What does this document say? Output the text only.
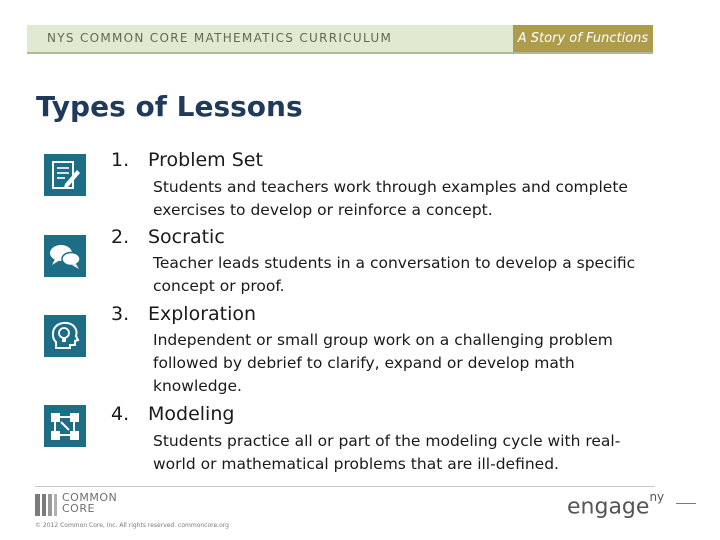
NYS COMMON CORE MATHEMATICS CURRICULUM	A Story of Functions
Types of Lessons
1. Problem Set
Students and teachers work through examples and complete
exercises to develop or reinforce a concept.
2. Socratic
Teacher leads students in a conversation to develop a specific
concept or proof.
3. Exploration
Independent or small group work on a challenging problem
followed by debrief to clarify, expand or develop math
knowledge.
4. Modeling
Students practice all or part of the modeling cycle with real-
world or mathematical problems that are ill-defined.
COMMON
CORE
© 2012 Common Core, Inc. All rights reserved. commoncore.org
engage$^{ny}$
